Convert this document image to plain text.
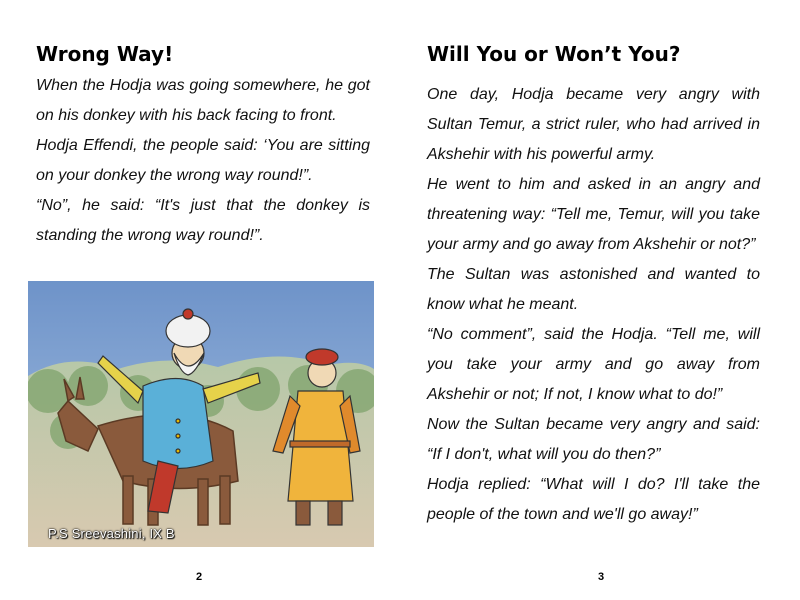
Wrong Way!

When the Hodja was going somewhere, he got on his donkey with his back facing to front.

Hodja Effendi, the people said: ‘You are sitting on your donkey the wrong way round!”.

“No”, he said: “It's just that the donkey is standing the wrong way round!”.

P.S Sreevashini, IX B
2
Will You or Won’t You?

One day, Hodja became very angry with Sultan Temur, a strict ruler, who had arrived in Akshehir with his powerful army.

He went to him and asked in an angry and threatening way: “Tell me, Temur, will you take your army and go away from Akshehir or not?”

The Sultan was astonished and wanted to know what he meant.

“No comment”, said the Hodja. “Tell me, will you take your army and go away from Akshehir or not; If not, I know what to do!”

Now the Sultan became very angry and said: “If I don't, what will you do then?”

Hodja replied: “What will I do? I'll take the people of the town and we'll go away!”

3
